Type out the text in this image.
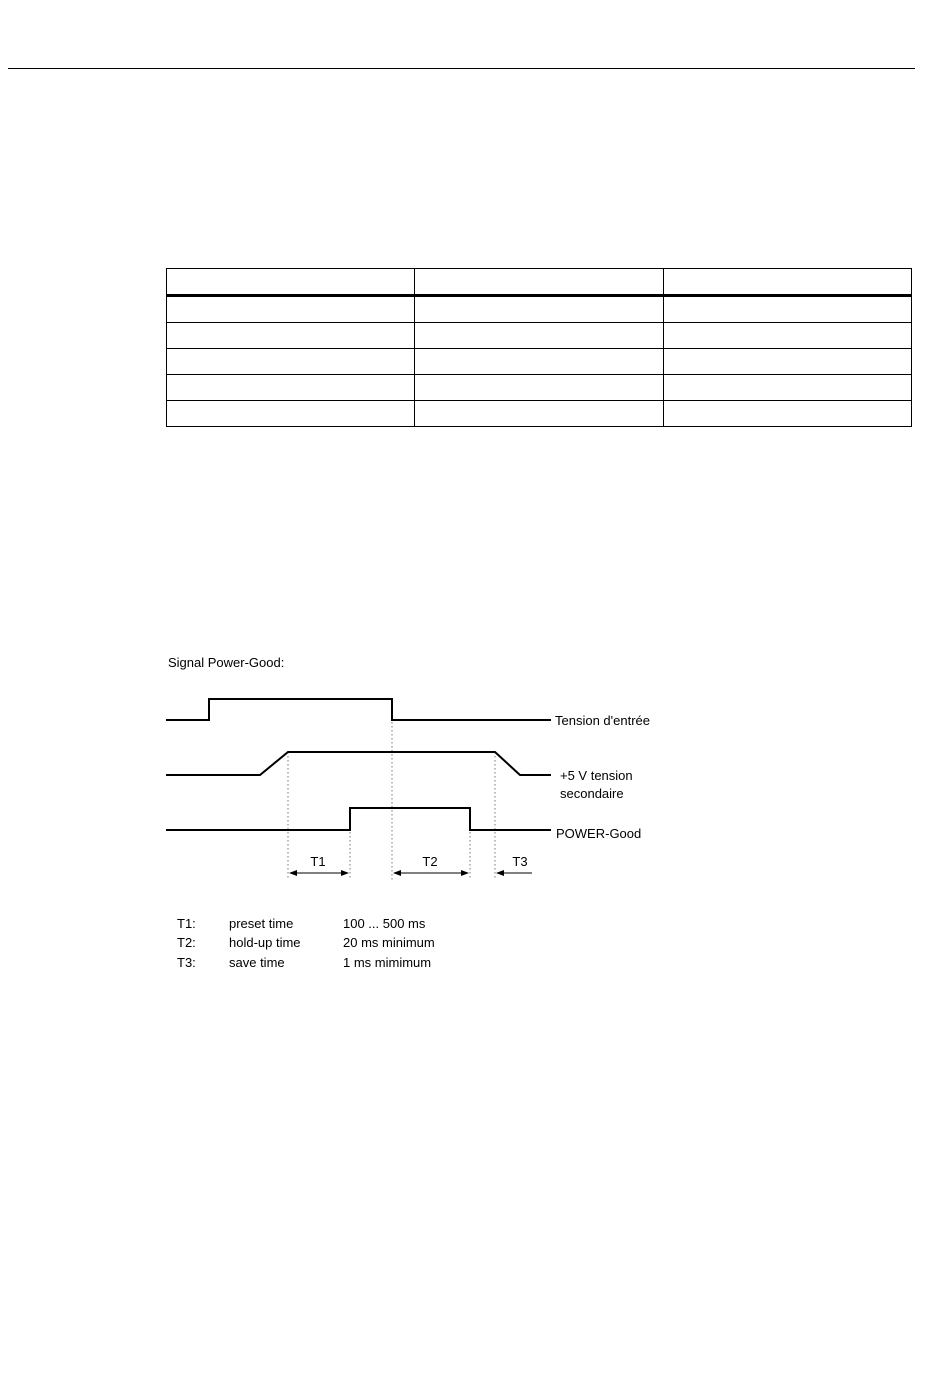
Signal Power-Good:
Tension d'entrée
+5 V tension
secondaire
POWER-Good
T1	T2	T3
T1:	preset time	100 ... 500 ms
T2:	hold-up time	20 ms minimum
T3:	save time	1 ms mimimum
